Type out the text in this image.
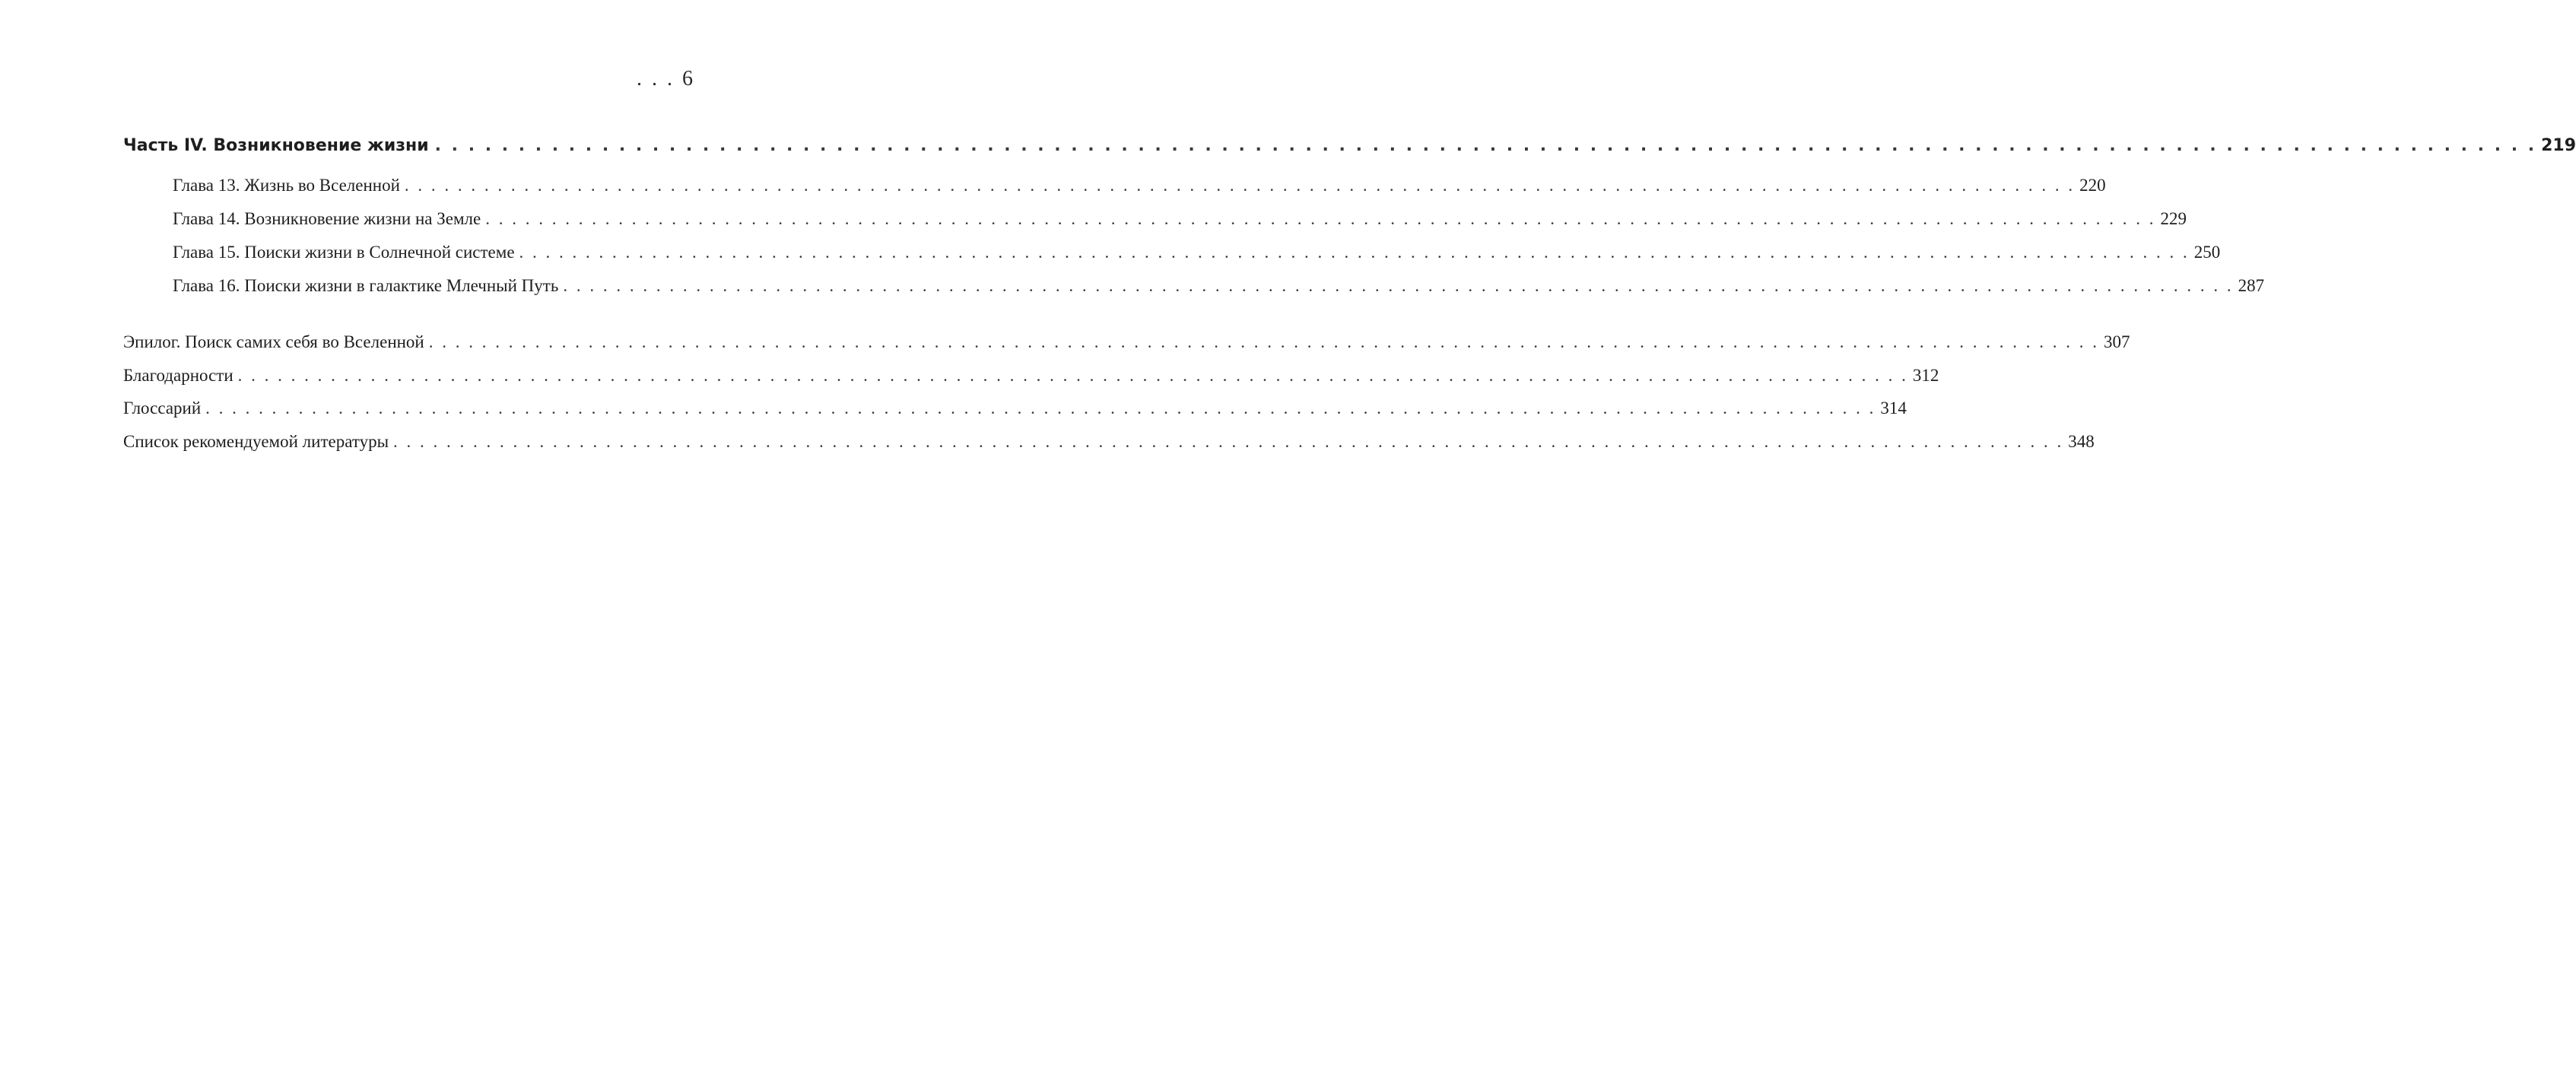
. . . 6
Часть IV. Возникновение жизни . . .	219
Глава 13. Жизнь во Вселенной . . .	220
Глава 14. Возникновение жизни на Земле . . .	229
Глава 15. Поиски жизни в Солнечной системе . . .	250
Глава 16. Поиски жизни в галактике Млечный Путь . . .	287
Эпилог. Поиск самих себя во Вселенной . . .	307
Благодарности . . .	312
Глоссарий . . .	314
Список рекомендуемой литературы . . .	348
